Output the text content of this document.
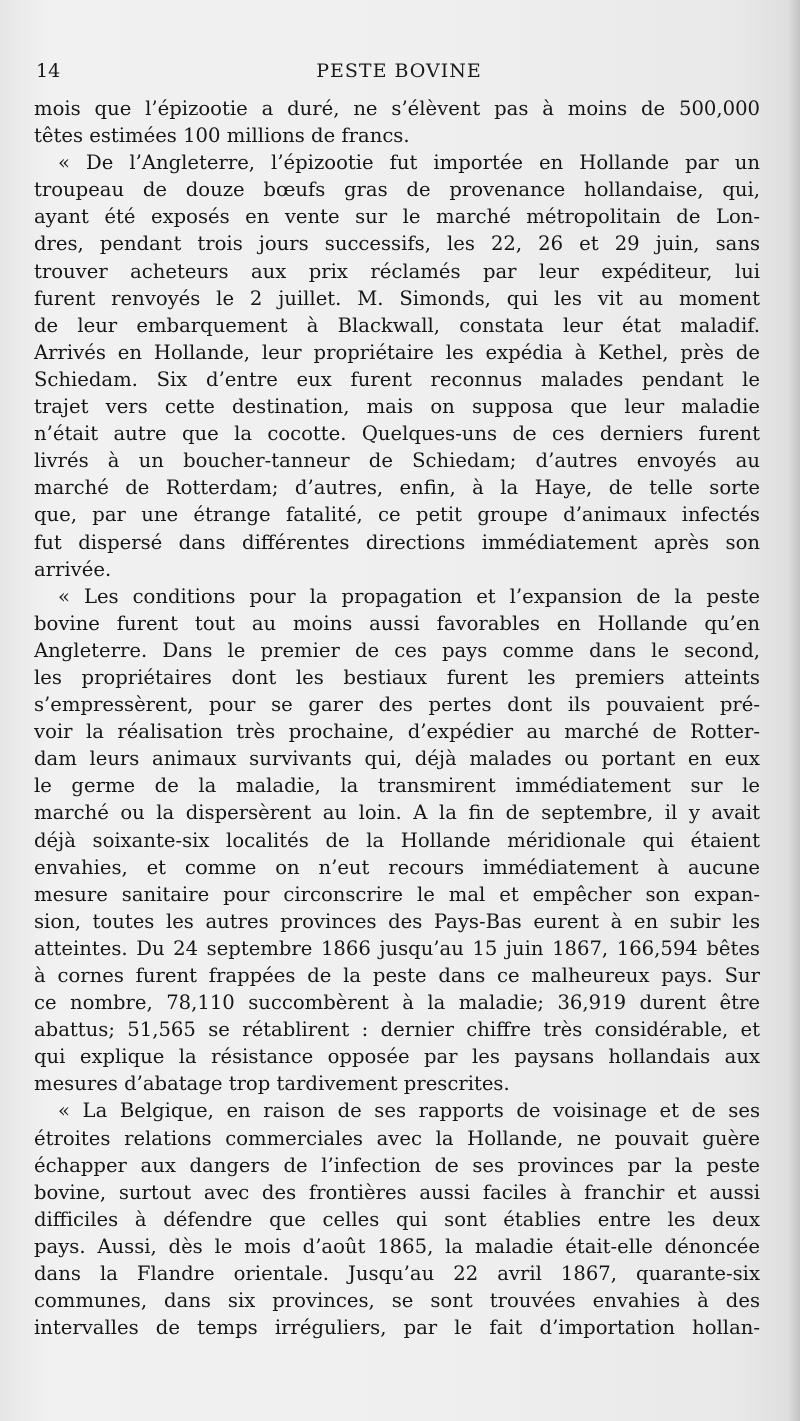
14	PESTE BOVINE
mois que l’épizootie a duré, ne s’élèvent pas à moins de 500,000
têtes estimées 100 millions de francs.
« De l’Angleterre, l’épizootie fut importée en Hollande par un
troupeau de douze bœufs gras de provenance hollandaise, qui,
ayant été exposés en vente sur le marché métropolitain de Lon-
dres, pendant trois jours successifs, les 22, 26 et 29 juin, sans
trouver acheteurs aux prix réclamés par leur expéditeur, lui
furent renvoyés le 2 juillet. M. Simonds, qui les vit au moment
de leur embarquement à Blackwall, constata leur état maladif.
Arrivés en Hollande, leur propriétaire les expédia à Kethel, près de
Schiedam. Six d’entre eux furent reconnus malades pendant le
trajet vers cette destination, mais on supposa que leur maladie
n’était autre que la cocotte. Quelques-uns de ces derniers furent
livrés à un boucher-tanneur de Schiedam; d’autres envoyés au
marché de Rotterdam; d’autres, enfin, à la Haye, de telle sorte
que, par une étrange fatalité, ce petit groupe d’animaux infectés
fut dispersé dans différentes directions immédiatement après son
arrivée.
« Les conditions pour la propagation et l’expansion de la peste
bovine furent tout au moins aussi favorables en Hollande qu’en
Angleterre. Dans le premier de ces pays comme dans le second,
les propriétaires dont les bestiaux furent les premiers atteints
s’empressèrent, pour se garer des pertes dont ils pouvaient pré-
voir la réalisation très prochaine, d’expédier au marché de Rotter-
dam leurs animaux survivants qui, déjà malades ou portant en eux
le germe de la maladie, la transmirent immédiatement sur le
marché ou la dispersèrent au loin. A la fin de septembre, il y avait
déjà soixante-six localités de la Hollande méridionale qui étaient
envahies, et comme on n’eut recours immédiatement à aucune
mesure sanitaire pour circonscrire le mal et empêcher son expan-
sion, toutes les autres provinces des Pays-Bas eurent à en subir les
atteintes. Du 24 septembre 1866 jusqu’au 15 juin 1867, 166,594 bêtes
à cornes furent frappées de la peste dans ce malheureux pays. Sur
ce nombre, 78,110 succombèrent à la maladie; 36,919 durent être
abattus; 51,565 se rétablirent : dernier chiffre très considérable, et
qui explique la résistance opposée par les paysans hollandais aux
mesures d’abatage trop tardivement prescrites.
« La Belgique, en raison de ses rapports de voisinage et de ses
étroites relations commerciales avec la Hollande, ne pouvait guère
échapper aux dangers de l’infection de ses provinces par la peste
bovine, surtout avec des frontières aussi faciles à franchir et aussi
difficiles à défendre que celles qui sont établies entre les deux
pays. Aussi, dès le mois d’août 1865, la maladie était-elle dénoncée
dans la Flandre orientale. Jusqu’au 22 avril 1867, quarante-six
communes, dans six provinces, se sont trouvées envahies à des
intervalles de temps irréguliers, par le fait d’importation hollan-
